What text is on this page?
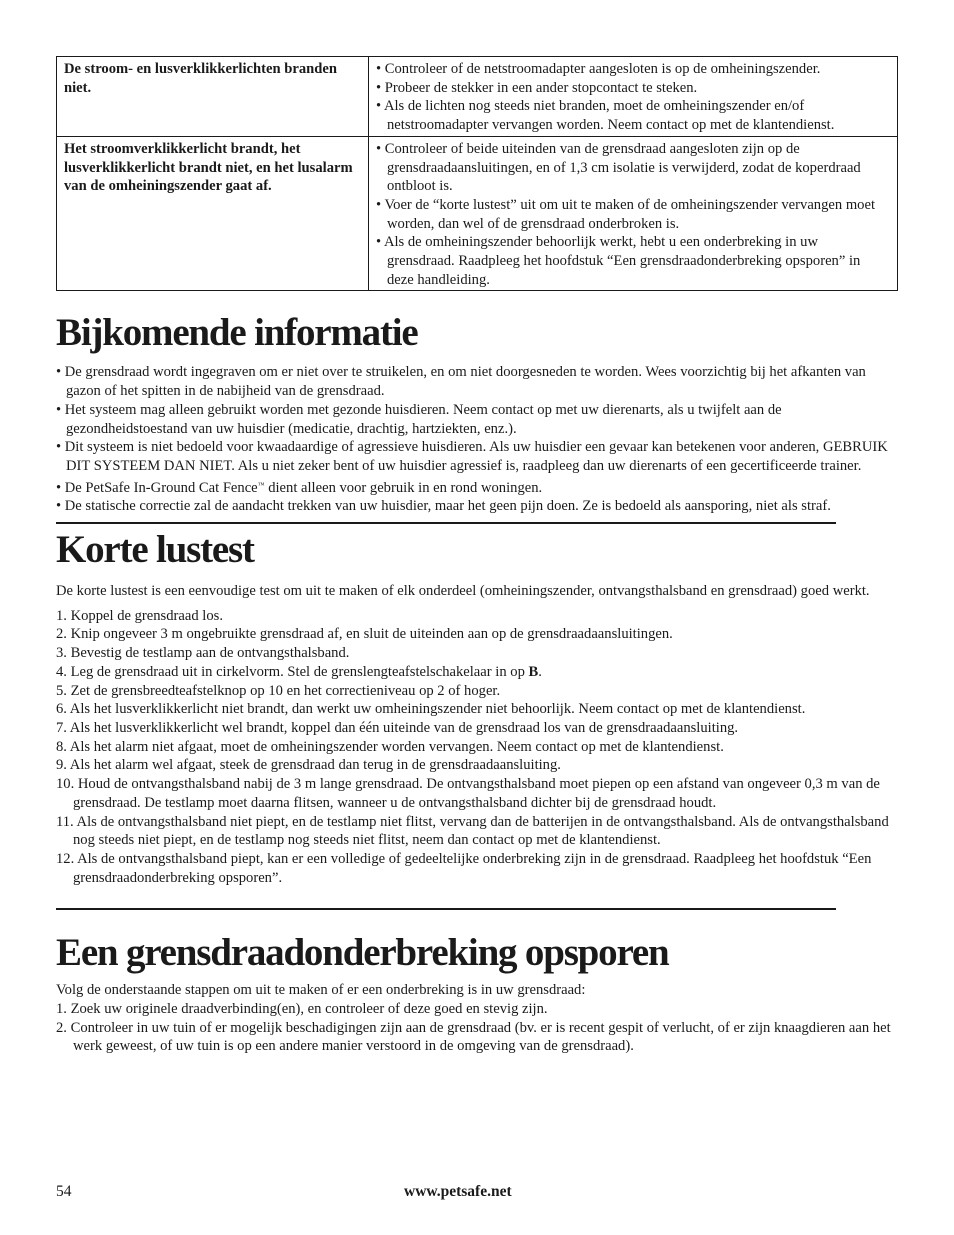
De stroom- en lusverklikkerlichten branden niet.	• Controleer of de netstroomadapter aangesloten is op de omheiningszender.
• Probeer de stekker in een ander stopcontact te steken.
• Als de lichten nog steeds niet branden, moet de omheiningszender en/of netstroomadapter vervangen worden. Neem contact op met de klantendienst.

Het stroomverklikkerlicht brandt, het lusverklikkerlicht brandt niet, en het lusalarm van de omheiningszender gaat af.	• Controleer of beide uiteinden van de grensdraad aangesloten zijn op de grensdraadaansluitingen, en of 1,3 cm isolatie is verwijderd, zodat de koperdraad ontbloot is.
• Voer de “korte lustest” uit om uit te maken of de omheiningszender vervangen moet worden, dan wel of de grensdraad onderbroken is.
• Als de omheiningszender behoorlijk werkt, hebt u een onderbreking in uw grensdraad. Raadpleeg het hoofdstuk “Een grensdraadonderbreking opsporen” in deze handleiding.
Bijkomende informatie
• De grensdraad wordt ingegraven om er niet over te struikelen, en om niet doorgesneden te worden. Wees voorzichtig bij het afkanten van gazon of het spitten in de nabijheid van de grensdraad.
• Het systeem mag alleen gebruikt worden met gezonde huisdieren. Neem contact op met uw dierenarts, als u twijfelt aan de gezondheidstoestand van uw huisdier (medicatie, drachtig, hartziekten, enz.).
• Dit systeem is niet bedoeld voor kwaadaardige of agressieve huisdieren. Als uw huisdier een gevaar kan betekenen voor anderen, GEBRUIK DIT SYSTEEM DAN NIET. Als u niet zeker bent of uw huisdier agressief is, raadpleeg dan uw dierenarts of een gecertificeerde trainer.
• De PetSafe In-Ground Cat Fence™ dient alleen voor gebruik in en rond woningen.
• De statische correctie zal de aandacht trekken van uw huisdier, maar het geen pijn doen. Ze is bedoeld als aansporing, niet als straf.
Korte lustest
De korte lustest is een eenvoudige test om uit te maken of elk onderdeel (omheiningszender, ontvangsthalsband en grensdraad) goed werkt.
1. Koppel de grensdraad los.
2. Knip ongeveer 3 m ongebruikte grensdraad af, en sluit de uiteinden aan op de grensdraadaansluitingen.
3. Bevestig de testlamp aan de ontvangsthalsband.
4. Leg de grensdraad uit in cirkelvorm. Stel de grenslengteafstelschakelaar in op B.
5. Zet de grensbreedteafstelknop op 10 en het correctieniveau op 2 of hoger.
6. Als het lusverklikkerlicht niet brandt, dan werkt uw omheiningszender niet behoorlijk. Neem contact op met de klantendienst.
7. Als het lusverklikkerlicht wel brandt, koppel dan één uiteinde van de grensdraad los van de grensdraadaansluiting.
8. Als het alarm niet afgaat, moet de omheiningszender worden vervangen. Neem contact op met de klantendienst.
9. Als het alarm wel afgaat, steek de grensdraad dan terug in de grensdraadaansluiting.
10. Houd de ontvangsthalsband nabij de 3 m lange grensdraad. De ontvangsthalsband moet piepen op een afstand van ongeveer 0,3 m van de grensdraad. De testlamp moet daarna flitsen, wanneer u de ontvangsthalsband dichter bij de grensdraad houdt.
11. Als de ontvangsthalsband niet piept, en de testlamp niet flitst, vervang dan de batterijen in de ontvangsthalsband. Als de ontvangsthalsband nog steeds niet piept, en de testlamp nog steeds niet flitst, neem dan contact op met de klantendienst.
12. Als de ontvangsthalsband piept, kan er een volledige of gedeeltelijke onderbreking zijn in de grensdraad. Raadpleeg het hoofdstuk “Een grensdraadonderbreking opsporen”.
Een grensdraadonderbreking opsporen
Volg de onderstaande stappen om uit te maken of er een onderbreking is in uw grensdraad:
1. Zoek uw originele draadverbinding(en), en controleer of deze goed en stevig zijn.
2. Controleer in uw tuin of er mogelijk beschadigingen zijn aan de grensdraad (bv. er is recent gespit of verlucht, of er zijn knaagdieren aan het werk geweest, of uw tuin is op een andere manier verstoord in de omgeving van de grensdraad).
54	www.petsafe.net
